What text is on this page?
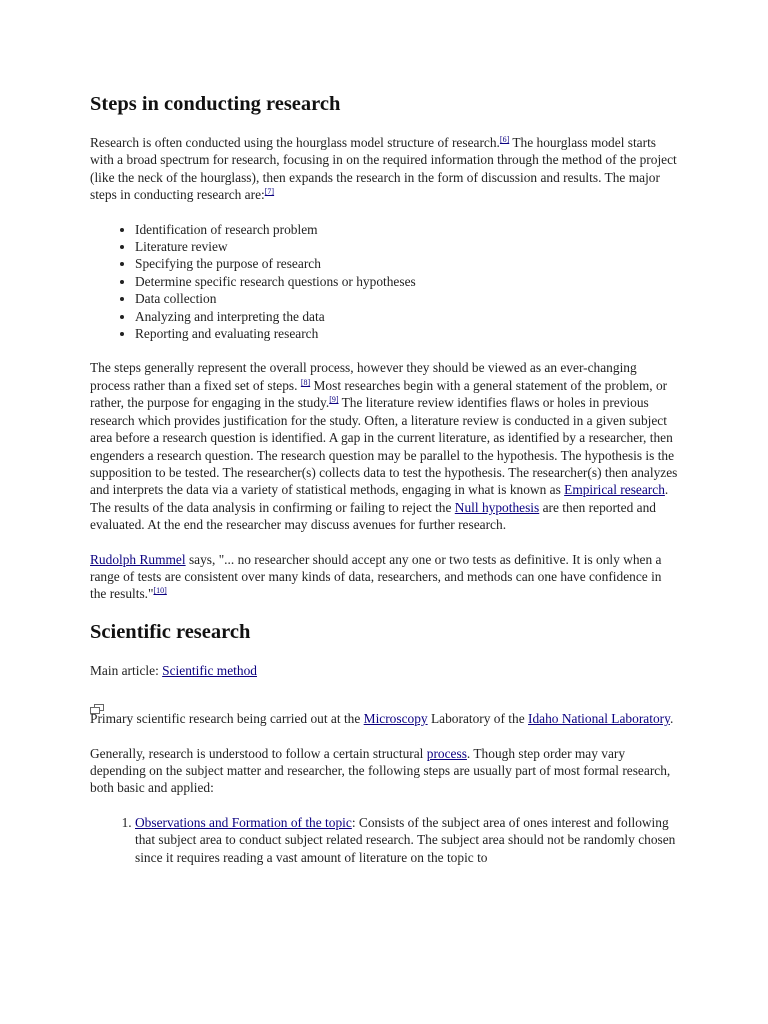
Steps in conducting research

Research is often conducted using the hourglass model structure of research.[6] The hourglass model starts with a broad spectrum for research, focusing in on the required information through the method of the project (like the neck of the hourglass), then expands the research in the form of discussion and results. The major steps in conducting research are:[7]

• Identification of research problem
• Literature review
• Specifying the purpose of research
• Determine specific research questions or hypotheses
• Data collection
• Analyzing and interpreting the data
• Reporting and evaluating research

The steps generally represent the overall process, however they should be viewed as an ever-changing process rather than a fixed set of steps. [8] Most researches begin with a general statement of the problem, or rather, the purpose for engaging in the study.[9] The literature review identifies flaws or holes in previous research which provides justification for the study. Often, a literature review is conducted in a given subject area before a research question is identified. A gap in the current literature, as identified by a researcher, then engenders a research question. The research question may be parallel to the hypothesis. The hypothesis is the supposition to be tested. The researcher(s) collects data to test the hypothesis. The researcher(s) then analyzes and interprets the data via a variety of statistical methods, engaging in what is known as Empirical research. The results of the data analysis in confirming or failing to reject the Null hypothesis are then reported and evaluated. At the end the researcher may discuss avenues for further research.

Rudolph Rummel says, "... no researcher should accept any one or two tests as definitive. It is only when a range of tests are consistent over many kinds of data, researchers, and methods can one have confidence in the results."[10]

Scientific research

Main article: Scientific method

Primary scientific research being carried out at the Microscopy Laboratory of the Idaho National Laboratory.

Generally, research is understood to follow a certain structural process. Though step order may vary depending on the subject matter and researcher, the following steps are usually part of most formal research, both basic and applied:

1. Observations and Formation of the topic: Consists of the subject area of ones interest and following that subject area to conduct subject related research. The subject area should not be randomly chosen since it requires reading a vast amount of literature on the topic to
